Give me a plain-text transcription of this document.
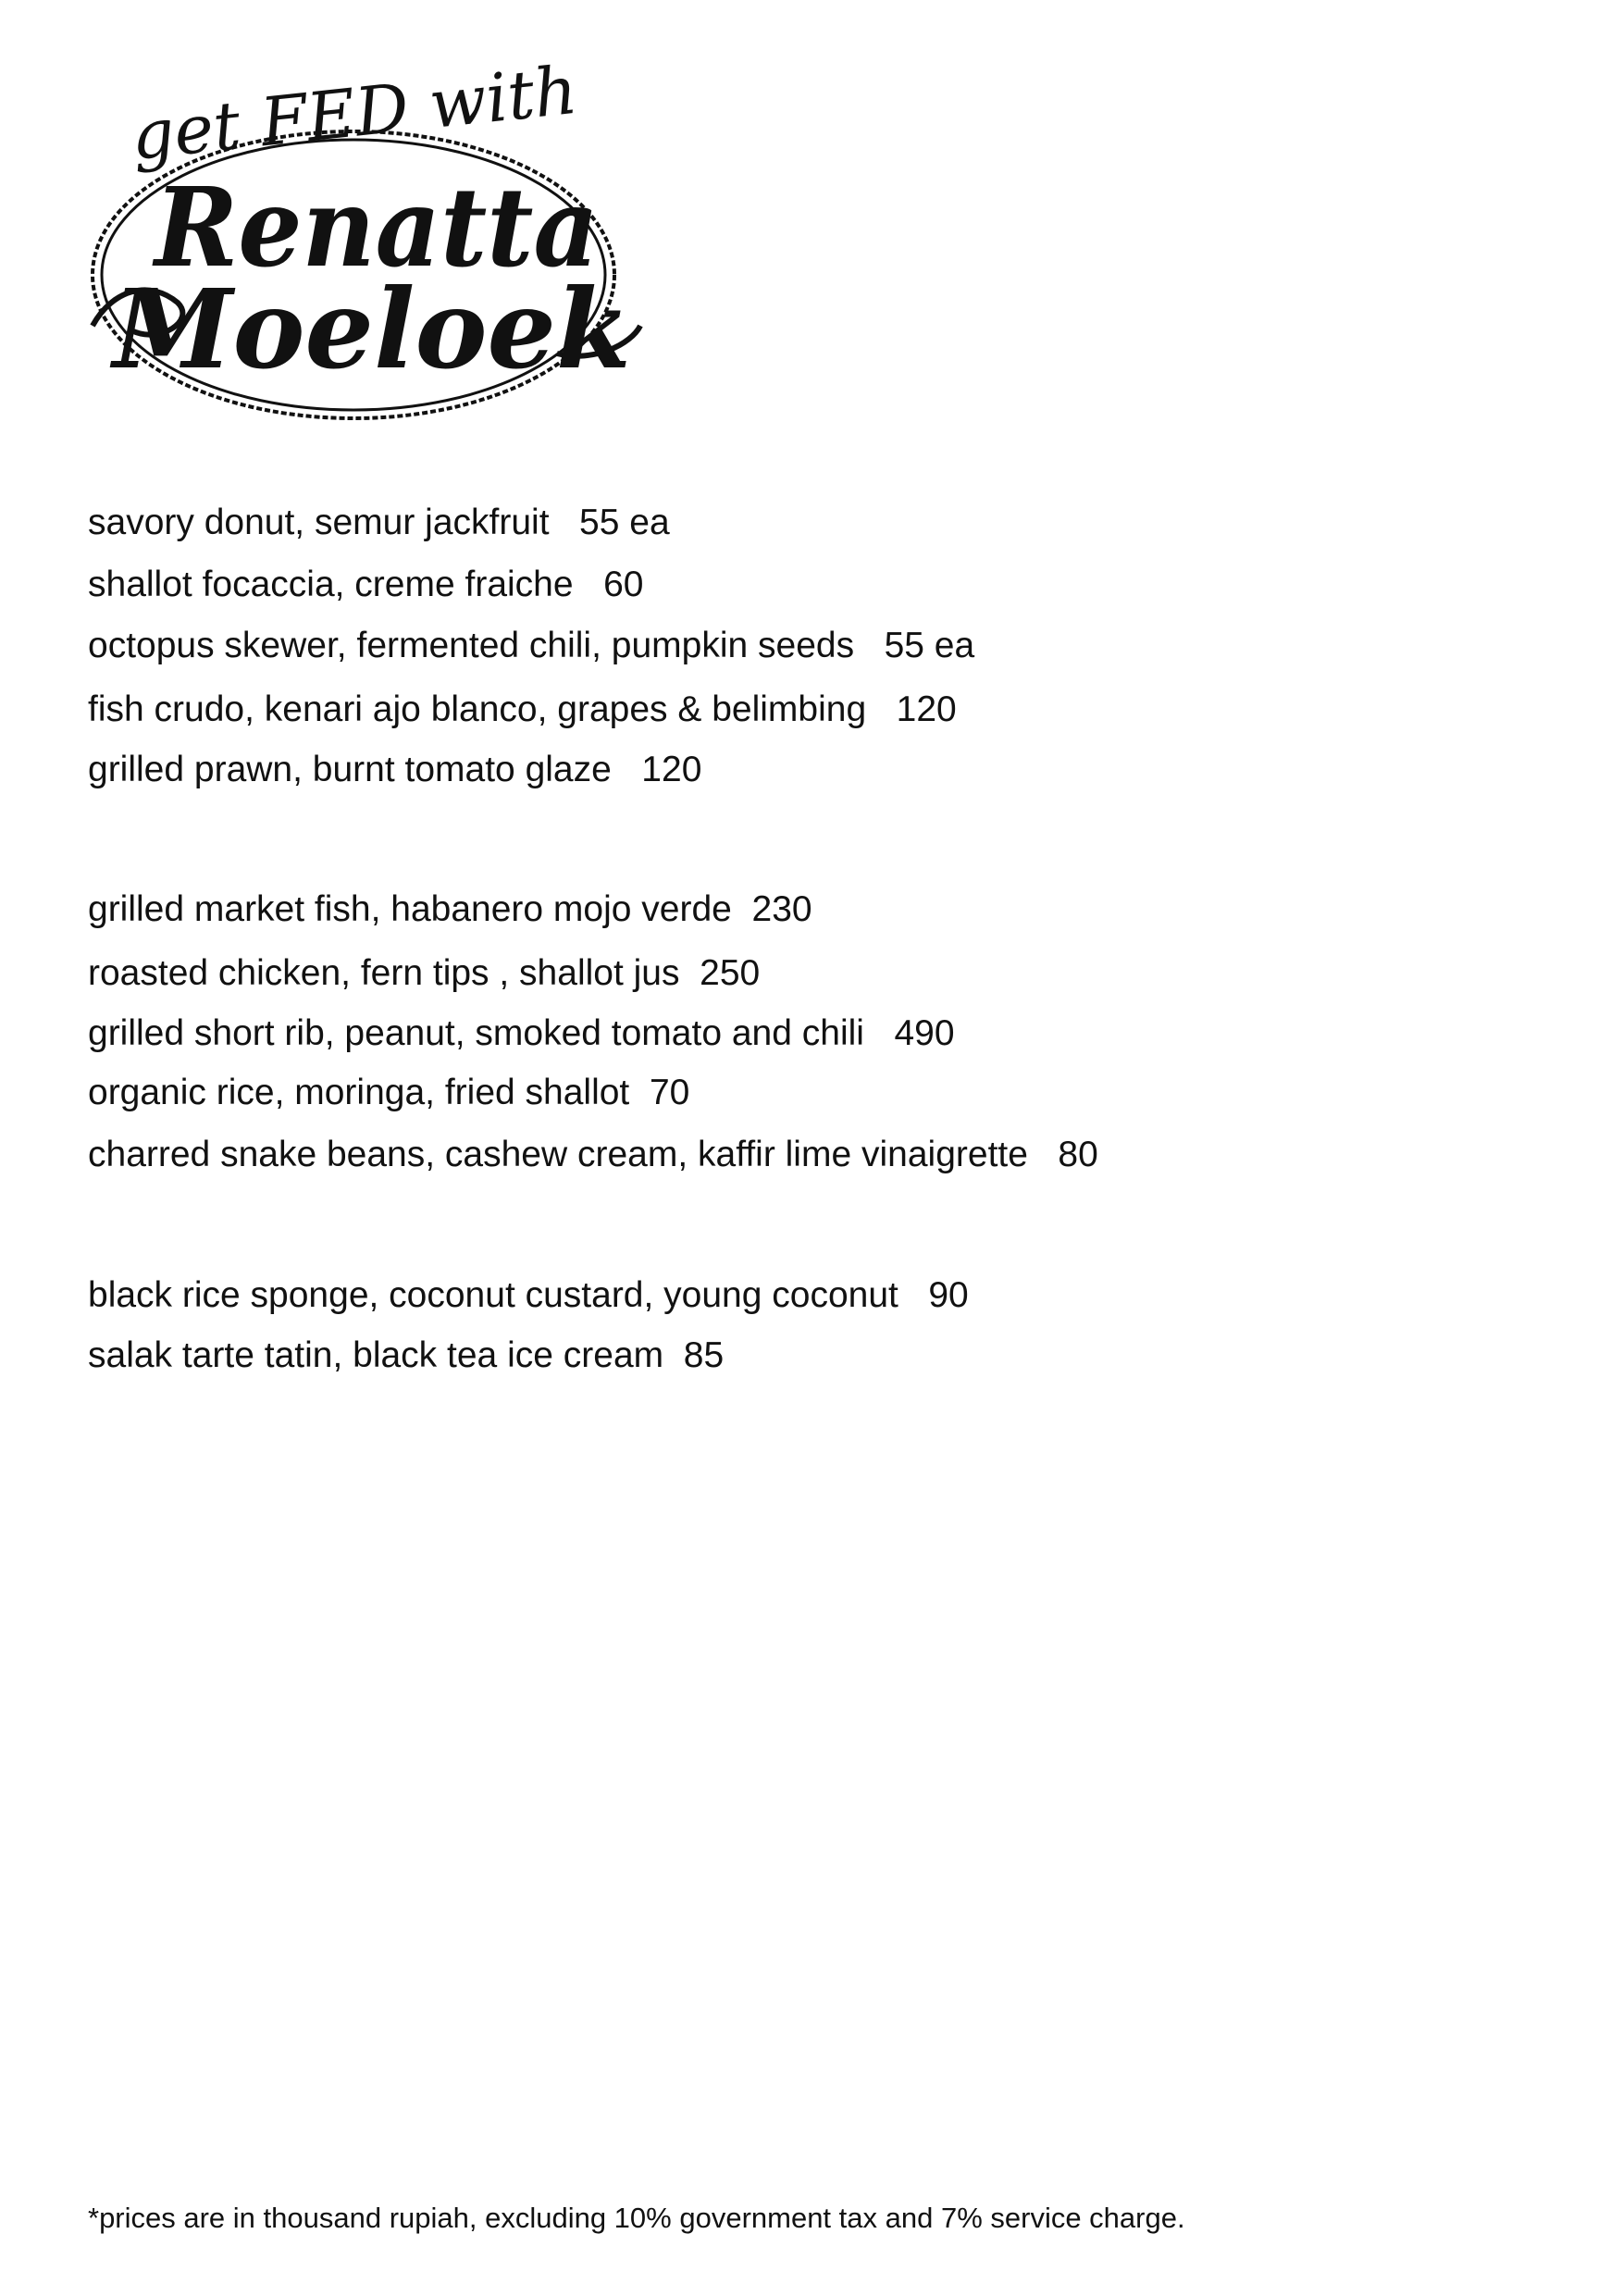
get FED with
Renatta
Moeloek
savory donut, semur jackfruit   55 ea
shallot focaccia, creme fraiche   60
octopus skewer, fermented chili, pumpkin seeds   55 ea
fish crudo, kenari ajo blanco, grapes & belimbing   120
grilled prawn, burnt tomato glaze   120
grilled market fish, habanero mojo verde  230
roasted chicken, fern tips , shallot jus  250
grilled short rib, peanut, smoked tomato and chili   490
organic rice, moringa, fried shallot  70
charred snake beans, cashew cream, kaffir lime vinaigrette   80
black rice sponge, coconut custard, young coconut   90
salak tarte tatin, black tea ice cream  85
*prices are in thousand rupiah, excluding 10% government tax and 7% service charge.
